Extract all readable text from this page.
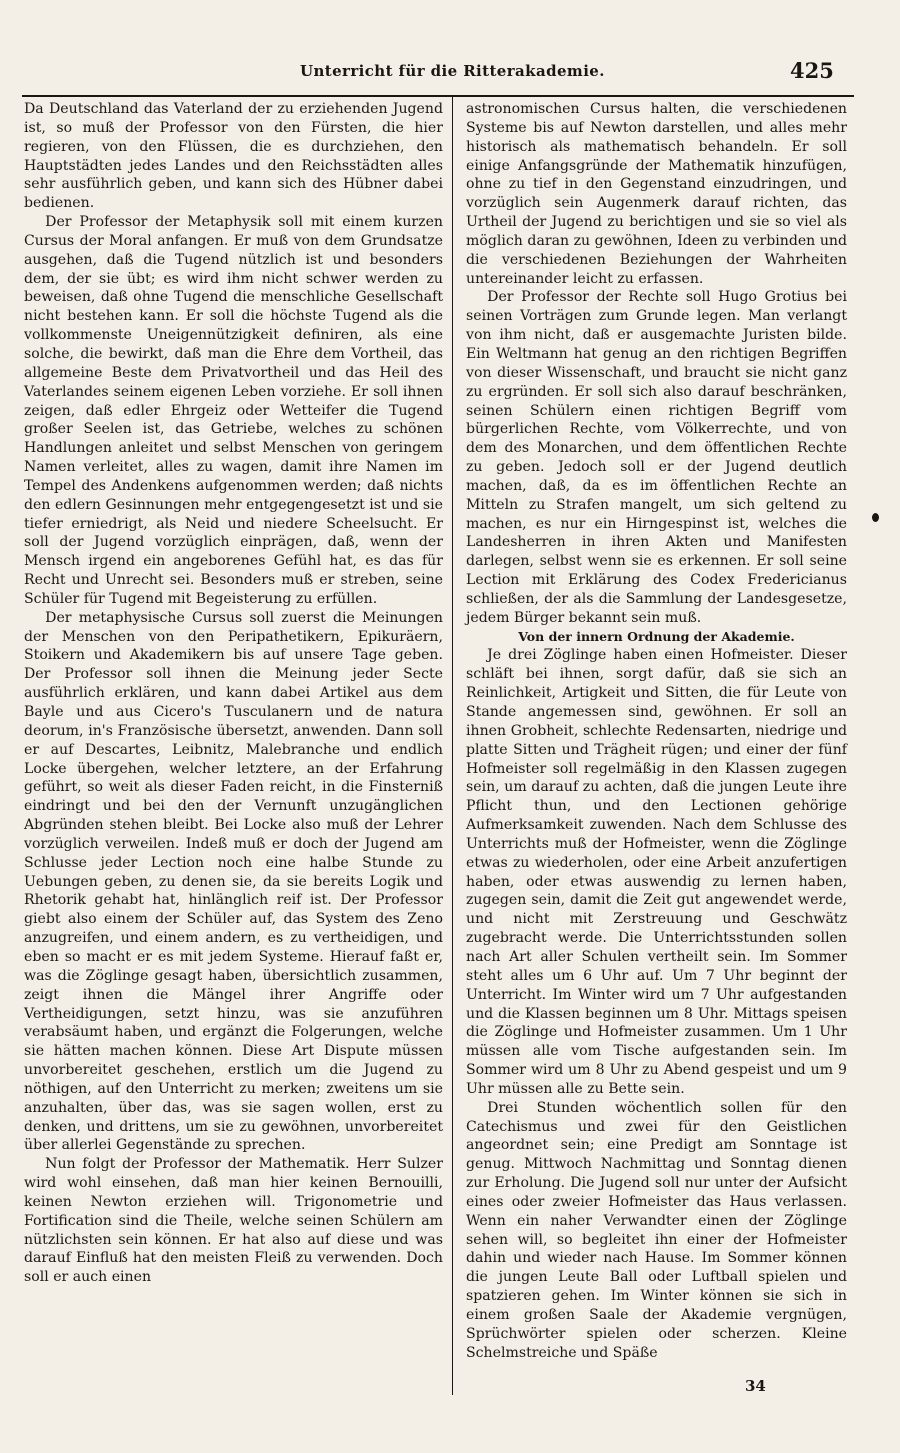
Unterricht für die Ritterakademie.	425

Da Deutschland das Vaterland der zu erziehenden Jugend ist, so muß der Professor von den Fürsten, die hier regieren, von den Flüssen, die es durchziehen, den Hauptstädten jedes Landes und den Reichsstädten alles sehr ausführlich geben, und kann sich des Hübner dabei bedienen.

Der Professor der Metaphysik soll mit einem kurzen Cursus der Moral anfangen. Er muß von dem Grundsatze ausgehen, daß die Tugend nützlich ist und besonders dem, der sie übt; es wird ihm nicht schwer werden zu beweisen, daß ohne Tugend die menschliche Gesellschaft nicht bestehen kann. Er soll die höchste Tugend als die vollkommenste Uneigennützigkeit definiren, als eine solche, die bewirkt, daß man die Ehre dem Vortheil, das allgemeine Beste dem Privatvortheil und das Heil des Vaterlandes seinem eigenen Leben vorziehe. Er soll ihnen zeigen, daß edler Ehrgeiz oder Wetteifer die Tugend großer Seelen ist, das Getriebe, welches zu schönen Handlungen anleitet und selbst Menschen von geringem Namen verleitet, alles zu wagen, damit ihre Namen im Tempel des Andenkens aufgenommen werden; daß nichts den edlern Gesinnungen mehr entgegengesetzt ist und sie tiefer erniedrigt, als Neid und niedere Scheelsucht. Er soll der Jugend vorzüglich einprägen, daß, wenn der Mensch irgend ein angeborenes Gefühl hat, es das für Recht und Unrecht sei. Besonders muß er streben, seine Schüler für Tugend mit Begeisterung zu erfüllen.

Der metaphysische Cursus soll zuerst die Meinungen der Menschen von den Peripathetikern, Epikuräern, Stoikern und Akademikern bis auf unsere Tage geben. Der Professor soll ihnen die Meinung jeder Secte ausführlich erklären, und kann dabei Artikel aus dem Bayle und aus Cicero's Tusculanern und de natura deorum, in's Französische übersetzt, anwenden. Dann soll er auf Descartes, Leibnitz, Malebranche und endlich Locke übergehen, welcher letztere, an der Erfahrung geführt, so weit als dieser Faden reicht, in die Finsterniß eindringt und bei den der Vernunft unzugänglichen Abgründen stehen bleibt. Bei Locke also muß der Lehrer vorzüglich verweilen. Indeß muß er doch der Jugend am Schlusse jeder Lection noch eine halbe Stunde zu Uebungen geben, zu denen sie, da sie bereits Logik und Rhetorik gehabt hat, hinlänglich reif ist. Der Professor giebt also einem der Schüler auf, das System des Zeno anzugreifen, und einem andern, es zu vertheidigen, und eben so macht er es mit jedem Systeme. Hierauf faßt er, was die Zöglinge gesagt haben, übersichtlich zusammen, zeigt ihnen die Mängel ihrer Angriffe oder Vertheidigungen, setzt hinzu, was sie anzuführen verabsäumt haben, und ergänzt die Folgerungen, welche sie hätten machen können. Diese Art Dispute müssen unvorbereitet geschehen, erstlich um die Jugend zu nöthigen, auf den Unterricht zu merken; zweitens um sie anzuhalten, über das, was sie sagen wollen, erst zu denken, und drittens, um sie zu gewöhnen, unvorbereitet über allerlei Gegenstände zu sprechen.

Nun folgt der Professor der Mathematik. Herr Sulzer wird wohl einsehen, daß man hier keinen Bernouilli, keinen Newton erziehen will. Trigonometrie und Fortification sind die Theile, welche seinen Schülern am nützlichsten sein können. Er hat also auf diese und was darauf Einfluß hat den meisten Fleiß zu verwenden. Doch soll er auch einen

astronomischen Cursus halten, die verschiedenen Systeme bis auf Newton darstellen, und alles mehr historisch als mathematisch behandeln. Er soll einige Anfangsgründe der Mathematik hinzufügen, ohne zu tief in den Gegenstand einzudringen, und vorzüglich sein Augenmerk darauf richten, das Urtheil der Jugend zu berichtigen und sie so viel als möglich daran zu gewöhnen, Ideen zu verbinden und die verschiedenen Beziehungen der Wahrheiten untereinander leicht zu erfassen.

Der Professor der Rechte soll Hugo Grotius bei seinen Vorträgen zum Grunde legen. Man verlangt von ihm nicht, daß er ausgemachte Juristen bilde. Ein Weltmann hat genug an den richtigen Begriffen von dieser Wissenschaft, und braucht sie nicht ganz zu ergründen. Er soll sich also darauf beschränken, seinen Schülern einen richtigen Begriff vom bürgerlichen Rechte, vom Völkerrechte, und von dem des Monarchen, und dem öffentlichen Rechte zu geben. Jedoch soll er der Jugend deutlich machen, daß, da es im öffentlichen Rechte an Mitteln zu Strafen mangelt, um sich geltend zu machen, es nur ein Hirngespinst ist, welches die Landesherren in ihren Akten und Manifesten darlegen, selbst wenn sie es erkennen. Er soll seine Lection mit Erklärung des Codex Fredericianus schließen, der als die Sammlung der Landesgesetze, jedem Bürger bekannt sein muß.

Von der innern Ordnung der Akademie.

Je drei Zöglinge haben einen Hofmeister. Dieser schläft bei ihnen, sorgt dafür, daß sie sich an Reinlichkeit, Artigkeit und Sitten, die für Leute von Stande angemessen sind, gewöhnen. Er soll an ihnen Grobheit, schlechte Redensarten, niedrige und platte Sitten und Trägheit rügen; und einer der fünf Hofmeister soll regelmäßig in den Klassen zugegen sein, um darauf zu achten, daß die jungen Leute ihre Pflicht thun, und den Lectionen gehörige Aufmerksamkeit zuwenden. Nach dem Schlusse des Unterrichts muß der Hofmeister, wenn die Zöglinge etwas zu wiederholen, oder eine Arbeit anzufertigen haben, oder etwas auswendig zu lernen haben, zugegen sein, damit die Zeit gut angewendet werde, und nicht mit Zerstreuung und Geschwätz zugebracht werde. Die Unterrichtsstunden sollen nach Art aller Schulen vertheilt sein. Im Sommer steht alles um 6 Uhr auf. Um 7 Uhr beginnt der Unterricht. Im Winter wird um 7 Uhr aufgestanden und die Klassen beginnen um 8 Uhr. Mittags speisen die Zöglinge und Hofmeister zusammen. Um 1 Uhr müssen alle vom Tische aufgestanden sein. Im Sommer wird um 8 Uhr zu Abend gespeist und um 9 Uhr müssen alle zu Bette sein.

Drei Stunden wöchentlich sollen für den Catechismus und zwei für den Geistlichen angeordnet sein; eine Predigt am Sonntage ist genug. Mittwoch Nachmittag und Sonntag dienen zur Erholung. Die Jugend soll nur unter der Aufsicht eines oder zweier Hofmeister das Haus verlassen. Wenn ein naher Verwandter einen der Zöglinge sehen will, so begleitet ihn einer der Hofmeister dahin und wieder nach Hause. Im Sommer können die jungen Leute Ball oder Luftball spielen und spatzieren gehen. Im Winter können sie sich in einem großen Saale der Akademie vergnügen, Sprüchwörter spielen oder scherzen. Kleine Schelmstreiche und Späße

34
